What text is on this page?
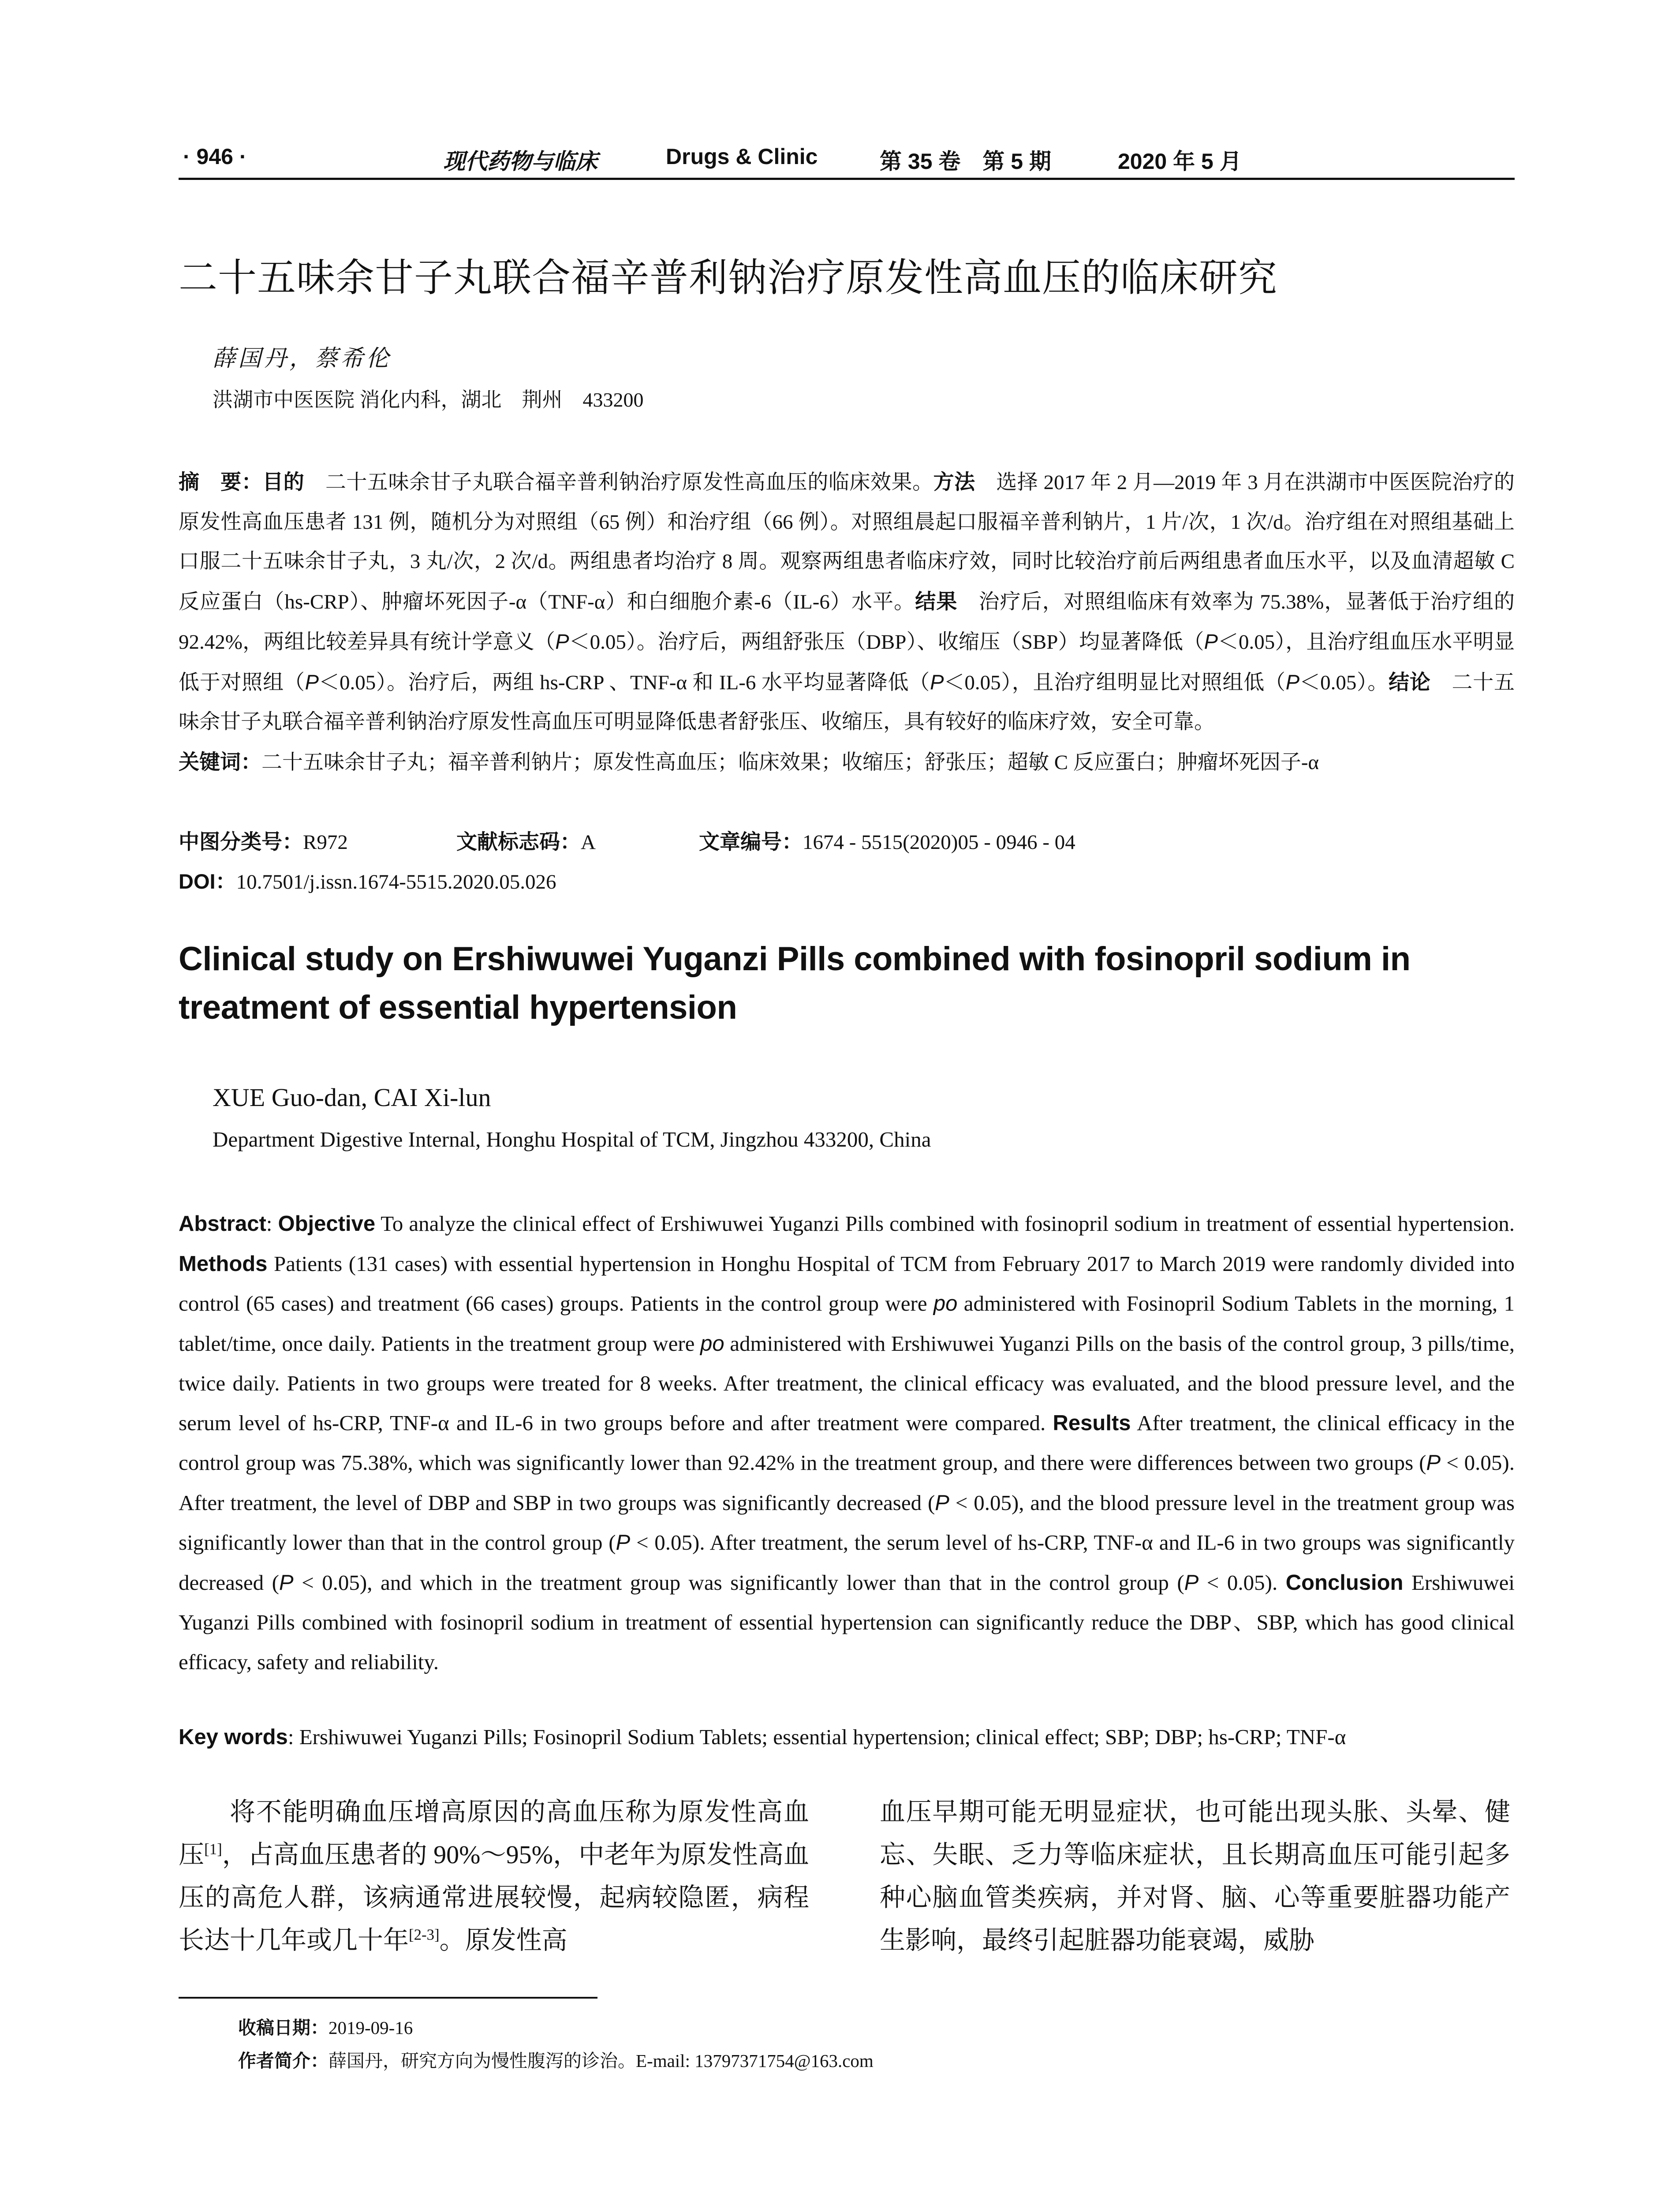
· 946 ·	现代药物与临床	Drugs & Clinic	第 35 卷　第 5 期	2020 年 5 月
二十五味余甘子丸联合福辛普利钠治疗原发性高血压的临床研究
薛国丹，蔡希伦
洪湖市中医医院 消化内科，湖北　荆州　433200

摘　要：目的　二十五味余甘子丸联合福辛普利钠治疗原发性高血压的临床效果。方法　选择 2017 年 2 月—2019 年 3 月在洪湖市中医医院治疗的原发性高血压患者 131 例，随机分为对照组（65 例）和治疗组（66 例）。对照组晨起口服福辛普利钠片，1 片/次，1 次/d。治疗组在对照组基础上口服二十五味余甘子丸，3 丸/次，2 次/d。两组患者均治疗 8 周。观察两组患者临床疗效，同时比较治疗前后两组患者血压水平，以及血清超敏 C 反应蛋白（hs-CRP）、肿瘤坏死因子-α（TNF-α）和白细胞介素-6（IL-6）水平。结果　治疗后，对照组临床有效率为 75.38%，显著低于治疗组的 92.42%，两组比较差异具有统计学意义（P＜0.05）。治疗后，两组舒张压（DBP）、收缩压（SBP）均显著降低（P＜0.05），且治疗组血压水平明显低于对照组（P＜0.05）。治疗后，两组 hs-CRP 、TNF-α 和 IL-6 水平均显著降低（P＜0.05），且治疗组明显比对照组低（P＜0.05）。结论　二十五味余甘子丸联合福辛普利钠治疗原发性高血压可明显降低患者舒张压、收缩压，具有较好的临床疗效，安全可靠。
关键词：二十五味余甘子丸；福辛普利钠片；原发性高血压；临床效果；收缩压；舒张压；超敏 C 反应蛋白；肿瘤坏死因子-α

中图分类号：R972	文献标志码：A	文章编号：1674 - 5515(2020)05 - 0946 - 04
DOI：10.7501/j.issn.1674-5515.2020.05.026

Clinical study on Ershiwuwei Yuganzi Pills combined with fosinopril sodium in treatment of essential hypertension

XUE Guo-dan, CAI Xi-lun
Department Digestive Internal, Honghu Hospital of TCM, Jingzhou 433200, China

Abstract: Objective To analyze the clinical effect of Ershiwuwei Yuganzi Pills combined with fosinopril sodium in treatment of essential hypertension. Methods Patients (131 cases) with essential hypertension in Honghu Hospital of TCM from February 2017 to March 2019 were randomly divided into control (65 cases) and treatment (66 cases) groups. Patients in the control group were po administered with Fosinopril Sodium Tablets in the morning, 1 tablet/time, once daily. Patients in the treatment group were po administered with Ershiwuwei Yuganzi Pills on the basis of the control group, 3 pills/time, twice daily. Patients in two groups were treated for 8 weeks. After treatment, the clinical efficacy was evaluated, and the blood pressure level, and the serum level of hs-CRP, TNF-α and IL-6 in two groups before and after treatment were compared. Results After treatment, the clinical efficacy in the control group was 75.38%, which was significantly lower than 92.42% in the treatment group, and there were differences between two groups (P < 0.05). After treatment, the level of DBP and SBP in two groups was significantly decreased (P < 0.05), and the blood pressure level in the treatment group was significantly lower than that in the control group (P < 0.05). After treatment, the serum level of hs-CRP, TNF-α and IL-6 in two groups was significantly decreased (P < 0.05), and which in the treatment group was significantly lower than that in the control group (P < 0.05). Conclusion Ershiwuwei Yuganzi Pills combined with fosinopril sodium in treatment of essential hypertension can significantly reduce the DBP、SBP, which has good clinical efficacy, safety and reliability.

Key words: Ershiwuwei Yuganzi Pills; Fosinopril Sodium Tablets; essential hypertension; clinical effect; SBP; DBP; hs-CRP; TNF-α

将不能明确血压增高原因的高血压称为原发性高血压[1]，占高血压患者的 90%～95%，中老年为原发性高血压的高危人群，该病通常进展较慢，起病较隐匿，病程长达十几年或几十年[2-3]。原发性高

血压早期可能无明显症状，也可能出现头胀、头晕、健忘、失眠、乏力等临床症状，且长期高血压可能引起多种心脑血管类疾病，并对肾、脑、心等重要脏器功能产生影响，最终引起脏器功能衰竭，威胁

收稿日期：2019-09-16
作者简介：薛国丹，研究方向为慢性腹泻的诊治。E-mail: 13797371754@163.com
